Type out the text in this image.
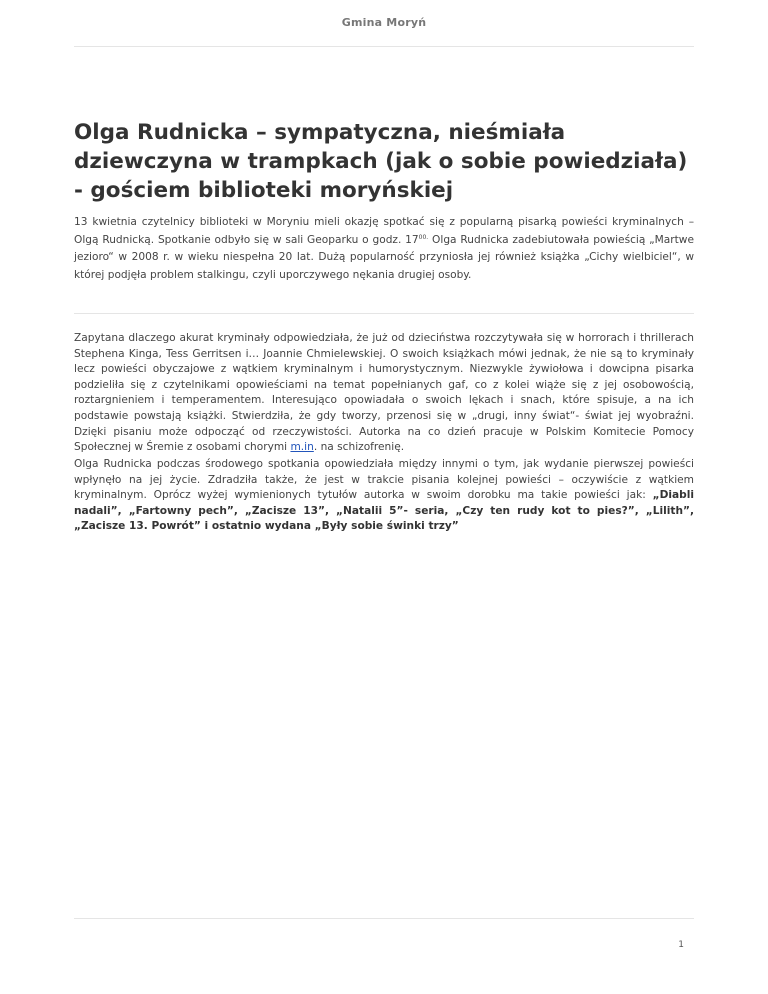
Gmina Moryń
Olga Rudnicka – sympatyczna, nieśmiała dziewczyna w trampkach (jak o sobie powiedziała) - gościem biblioteki moryńskiej

13 kwietnia czytelnicy biblioteki w Moryniu mieli okazję spotkać się z popularną pisarką powieści kryminalnych – Olgą Rudnicką. Spotkanie odbyło się w sali Geoparku o godz. $17^{00.}$ Olga Rudnicka zadebiutowała powieścią „Martwe jezioro“ w 2008 r. w wieku niespełna 20 lat. Dużą popularność przyniosła jej również książka „Cichy wielbiciel“, w której podjęła problem stalkingu, czyli uporczywego nękania drugiej osoby.

Zapytana dlaczego akurat kryminały odpowiedziała, że już od dzieciństwa rozczytywała się w horrorach i thrillerach Stephena Kinga, Tess Gerritsen i… Joannie Chmielewskiej. O swoich książkach mówi jednak, że nie są to kryminały lecz powieści obyczajowe z wątkiem kryminalnym i humorystycznym. Niezwykle żywiołowa i dowcipna pisarka podzieliła się z czytelnikami opowieściami na temat popełnianych gaf, co z kolei wiąże się z jej osobowością, roztargnieniem i temperamentem. Interesująco opowiadała o swoich lękach i snach, które spisuje, a na ich podstawie powstają książki. Stwierdziła, że gdy tworzy, przenosi się w „drugi, inny świat“- świat jej wyobraźni. Dzięki pisaniu może odpocząć od rzeczywistości. Autorka na co dzień pracuje w Polskim Komitecie Pomocy Społecznej w Śremie z osobami chorymi m.in. na schizofrenię.

Olga Rudnicka podczas środowego spotkania opowiedziała między innymi o tym, jak wydanie pierwszej powieści wpłynęło na jej życie. Zdradziła także, że jest w trakcie pisania kolejnej powieści – oczywiście z wątkiem kryminalnym. Oprócz wyżej wymienionych tytułów autorka w swoim dorobku ma takie powieści jak: „Diabli nadali”, „Fartowny pech”, „Zacisze 13”, „Natalii 5”- seria, „Czy ten rudy kot to pies?”, „Lilith”, „Zacisze 13. Powrót” i ostatnio wydana „Były sobie świnki trzy”

1
